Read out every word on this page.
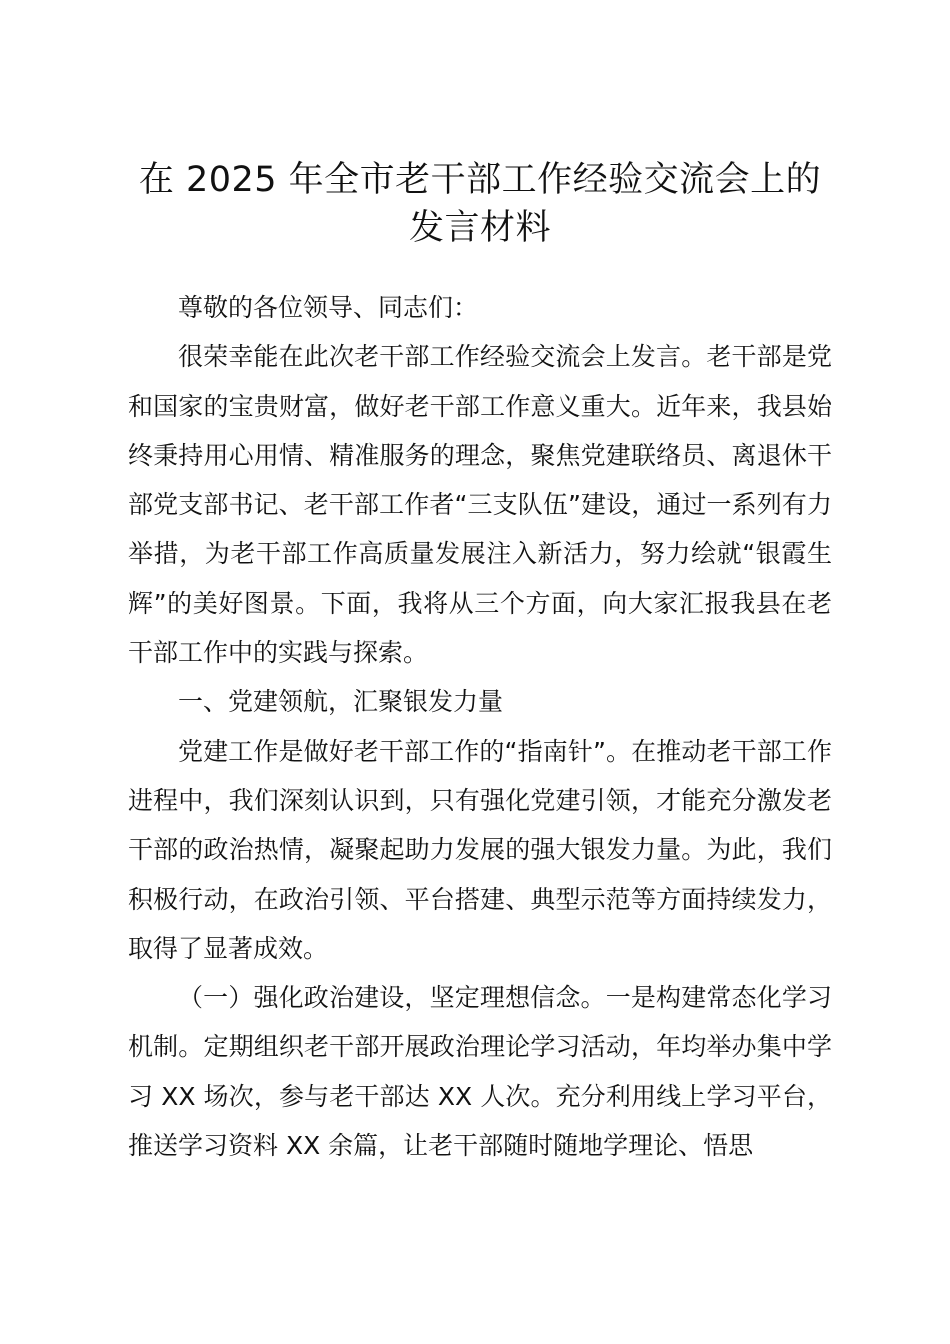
在 2025 年全市老干部工作经验交流会上的发言材料

尊敬的各位领导、同志们：

很荣幸能在此次老干部工作经验交流会上发言。老干部是党和国家的宝贵财富，做好老干部工作意义重大。近年来，我县始终秉持用心用情、精准服务的理念，聚焦党建联络员、离退休干部党支部书记、老干部工作者“三支队伍”建设，通过一系列有力举措，为老干部工作高质量发展注入新活力，努力绘就“银霞生辉”的美好图景。下面，我将从三个方面，向大家汇报我县在老干部工作中的实践与探索。

一、党建领航，汇聚银发力量

党建工作是做好老干部工作的“指南针”。在推动老干部工作进程中，我们深刻认识到，只有强化党建引领，才能充分激发老干部的政治热情，凝聚起助力发展的强大银发力量。为此，我们积极行动，在政治引领、平台搭建、典型示范等方面持续发力，取得了显著成效。

（一）强化政治建设，坚定理想信念。一是构建常态化学习机制。定期组织老干部开展政治理论学习活动，年均举办集中学习 XX 场次，参与老干部达 XX 人次。充分利用线上学习平台，推送学习资料 XX 余篇，让老干部随时随地学理论、悟思
